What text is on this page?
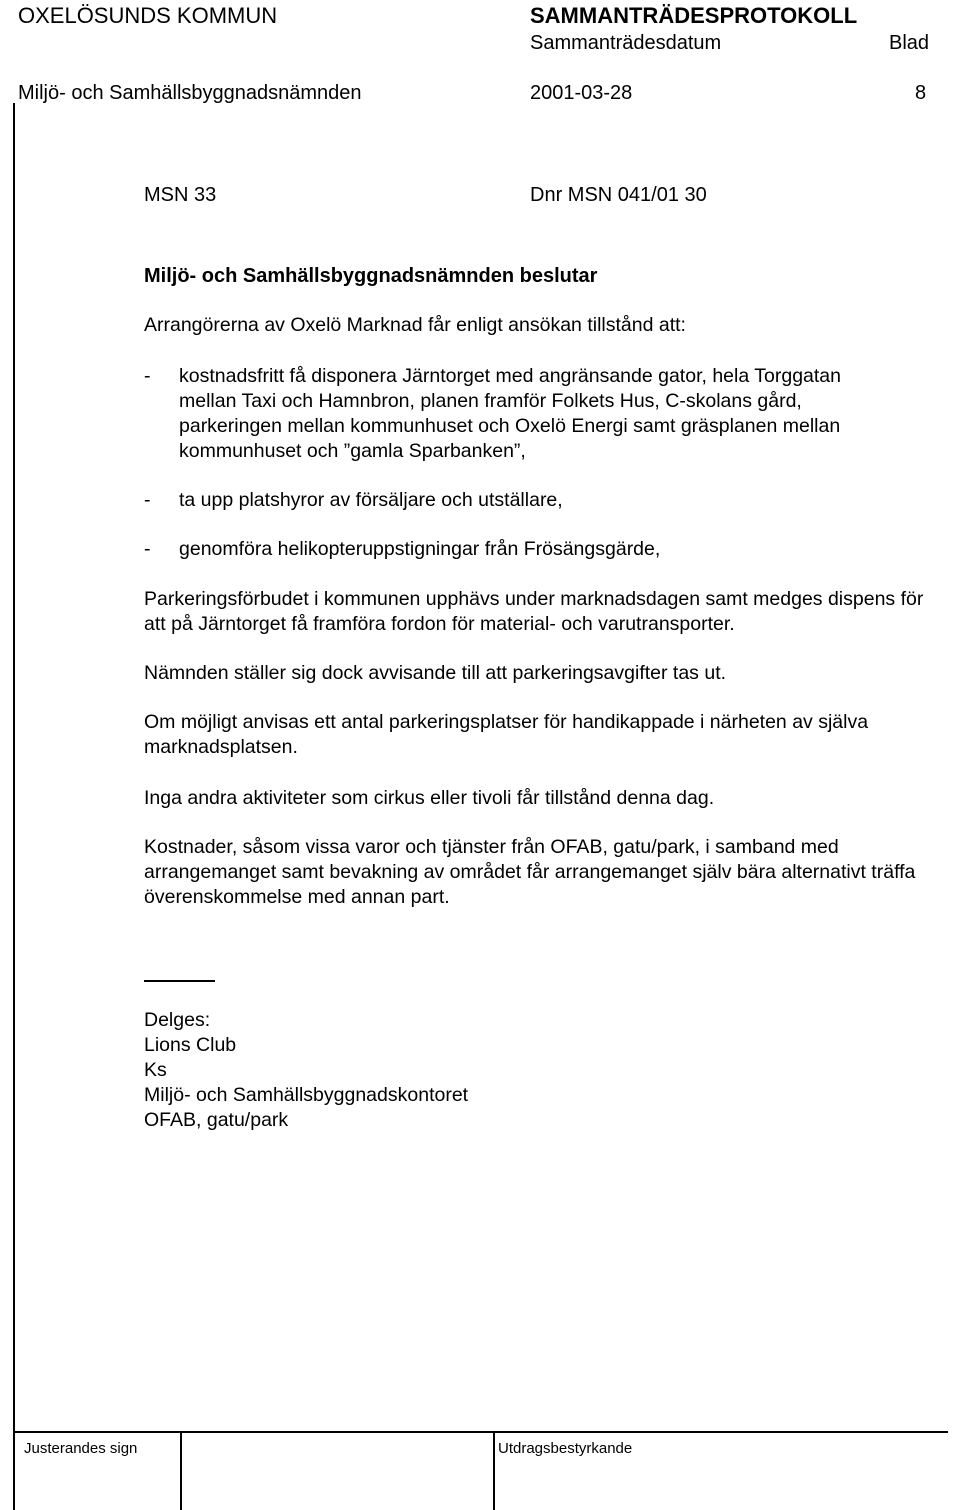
OXELÖSUNDS KOMMUN	SAMMANTRÄDESPROTOKOLL
Sammanträdesdatum	Blad
Miljö- och Samhällsbyggnadsnämnden	2001-03-28	8
MSN 33	Dnr MSN 041/01 30
Miljö- och Samhällsbyggnadsnämnden beslutar
Arrangörerna av Oxelö Marknad får enligt ansökan tillstånd att:
- kostnadsfritt få disponera Järntorget med angränsande gator, hela Torggatan
mellan Taxi och Hamnbron, planen framför Folkets Hus, C-skolans gård,
parkeringen mellan kommunhuset och Oxelö Energi samt gräsplanen mellan
kommunhuset och ”gamla Sparbanken”,
- ta upp platshyror av försäljare och utställare,
- genomföra helikopteruppstigningar från Frösängsgärde,
Parkeringsförbudet i kommunen upphävs under marknadsdagen samt medges dispens för att på Järntorget få framföra fordon för material- och varutransporter.
Nämnden ställer sig dock avvisande till att parkeringsavgifter tas ut.
Om möjligt anvisas ett antal parkeringsplatser för handikappade i närheten av själva marknadsplatsen.
Inga andra aktiviteter som cirkus eller tivoli får tillstånd denna dag.
Kostnader, såsom vissa varor och tjänster från OFAB, gatu/park, i samband med arrangemanget samt bevakning av området får arrangemanget själv bära alternativt träffa överenskommelse med annan part.
Delges:
Lions Club
Ks
Miljö- och Samhällsbyggnadskontoret
OFAB, gatu/park
Justerandes sign	Utdragsbestyrkande
